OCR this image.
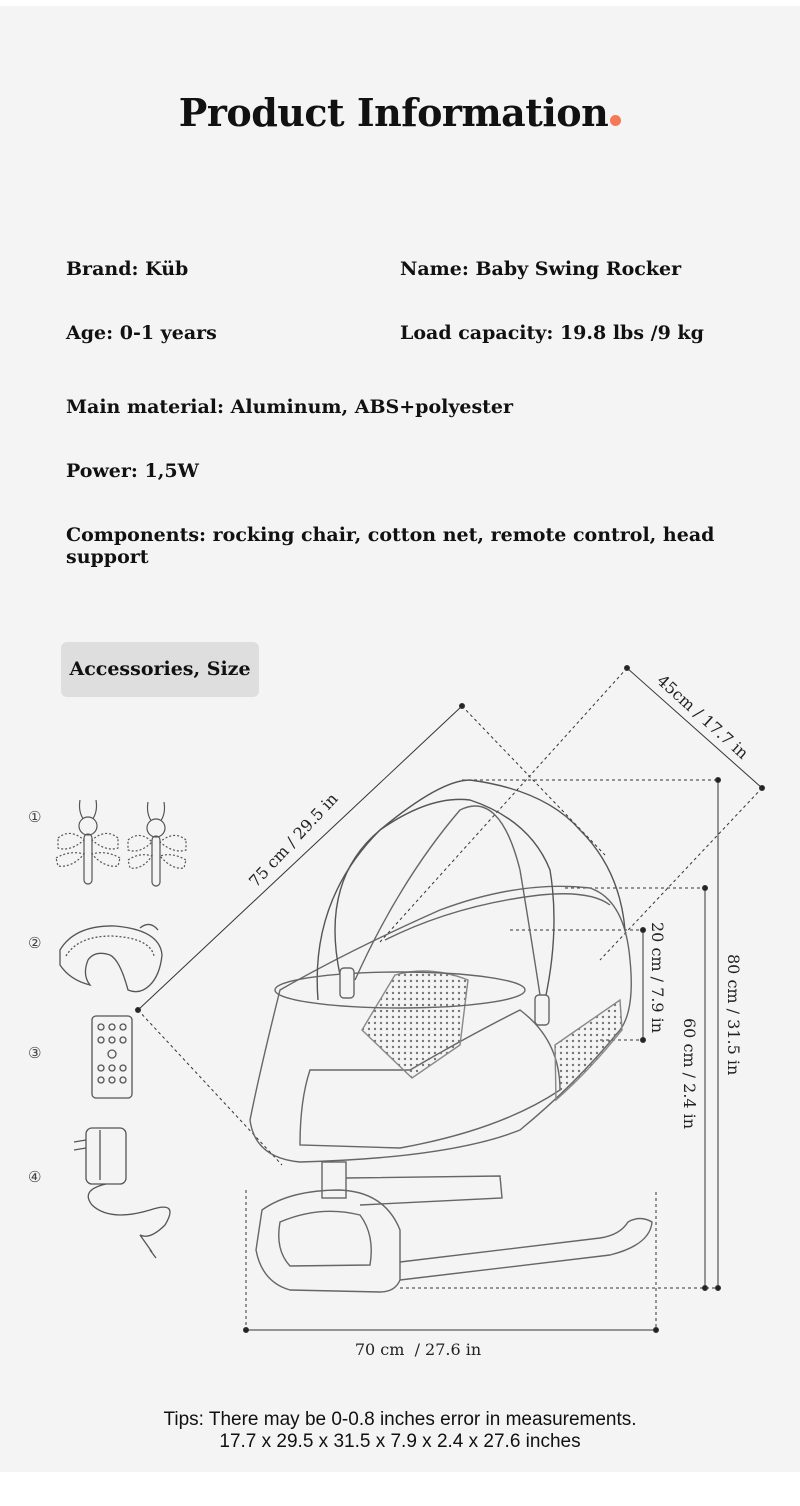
Product Information
Brand: Küb	Name: Baby Swing Rocker
Age: 0-1 years	Load capacity: 19.8 lbs /9 kg
Main material: Aluminum, ABS+polyester
Power: 1,5W
Components: rocking chair, cotton net, remote control, head
support
Accessories, Size
①
②
③
④
75 cm / 29.5 in
45cm / 17.7 in
80 cm / 31.5 in
60 cm / 2.4 in
20 cm / 7.9 in
70 cm  / 27.6 in
Tips: There may be 0-0.8 inches error in measurements.
17.7 x 29.5 x 31.5 x 7.9 x 2.4 x 27.6 inches
